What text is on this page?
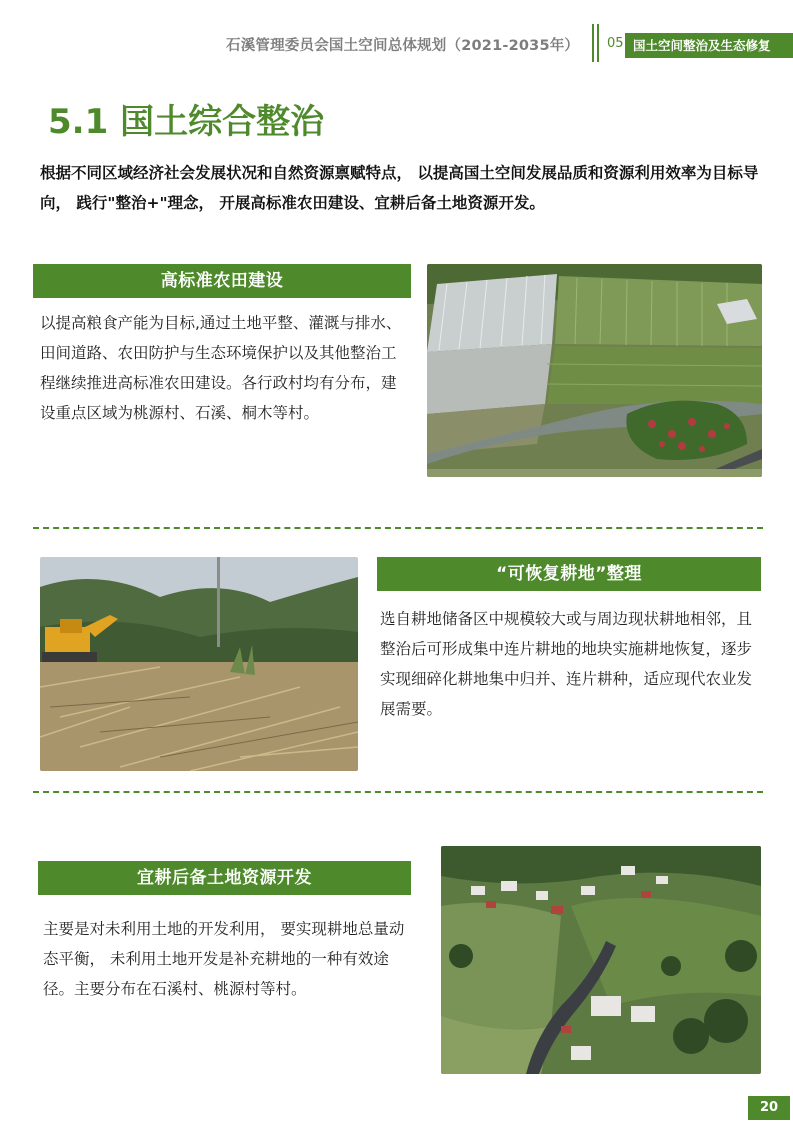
石溪管理委员会国土空间总体规划（2021-2035年） 05 国土空间整治及生态修复
5.1 国土综合整治
根据不同区域经济社会发展状况和自然资源禀赋特点， 以提高国土空间发展品质和资源利用效率为目标导向， 践行"整治+"理念， 开展高标准农田建设、宜耕后备土地资源开发。
高标准农田建设
以提高粮食产能为目标,通过土地平整、灌溉与排水、田间道路、农田防护与生态环境保护以及其他整治工程继续推进高标准农田建设。各行政村均有分布，建设重点区域为桃源村、石溪、桐木等村。
“可恢复耕地”整理
选自耕地储备区中规模较大或与周边现状耕地相邻，且整治后可形成集中连片耕地的地块实施耕地恢复，逐步实现细碎化耕地集中归并、连片耕种，适应现代农业发展需要。
宜耕后备土地资源开发
主要是对未利用土地的开发利用， 要实现耕地总量动态平衡， 未利用土地开发是补充耕地的一种有效途径。主要分布在石溪村、桃源村等村。
20
